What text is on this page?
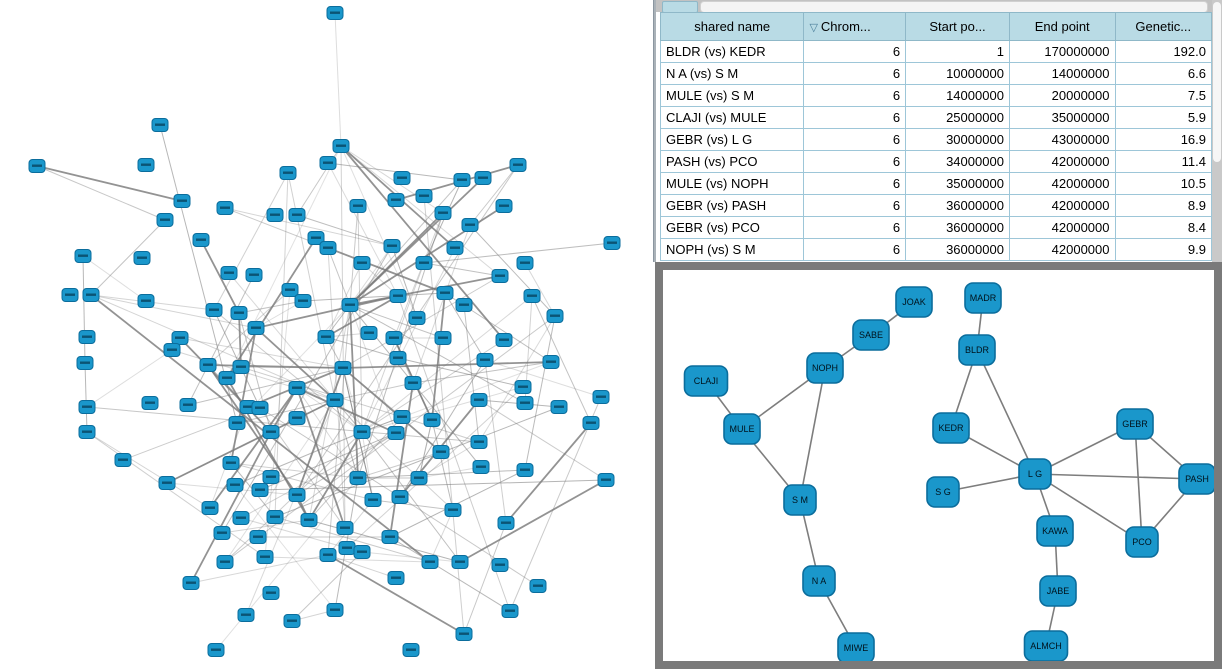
shared name	▽ Chrom...	Start po...	End point	Genetic...
BLDR (vs) KEDR	6	1	170000000	192.0
N A (vs) S M	6	10000000	14000000	6.6
MULE (vs) S M	6	14000000	20000000	7.5
CLAJI (vs) MULE	6	25000000	35000000	5.9
GEBR (vs) L G	6	30000000	43000000	16.9
PASH (vs) PCO	6	34000000	42000000	11.4
MULE (vs) NOPH	6	35000000	42000000	10.5
GEBR (vs) PASH	6	36000000	42000000	8.9
GEBR (vs) PCO	6	36000000	42000000	8.4
NOPH (vs) S M	6	36000000	42000000	9.9
JOAK	MADR
SABE
NOPH
BLDR
CLAJI
MULE	KEDR	GEBR
L G
S G
PASH
S M
KAWA
PCO
N A
JABE
MIWE	ALMCH
